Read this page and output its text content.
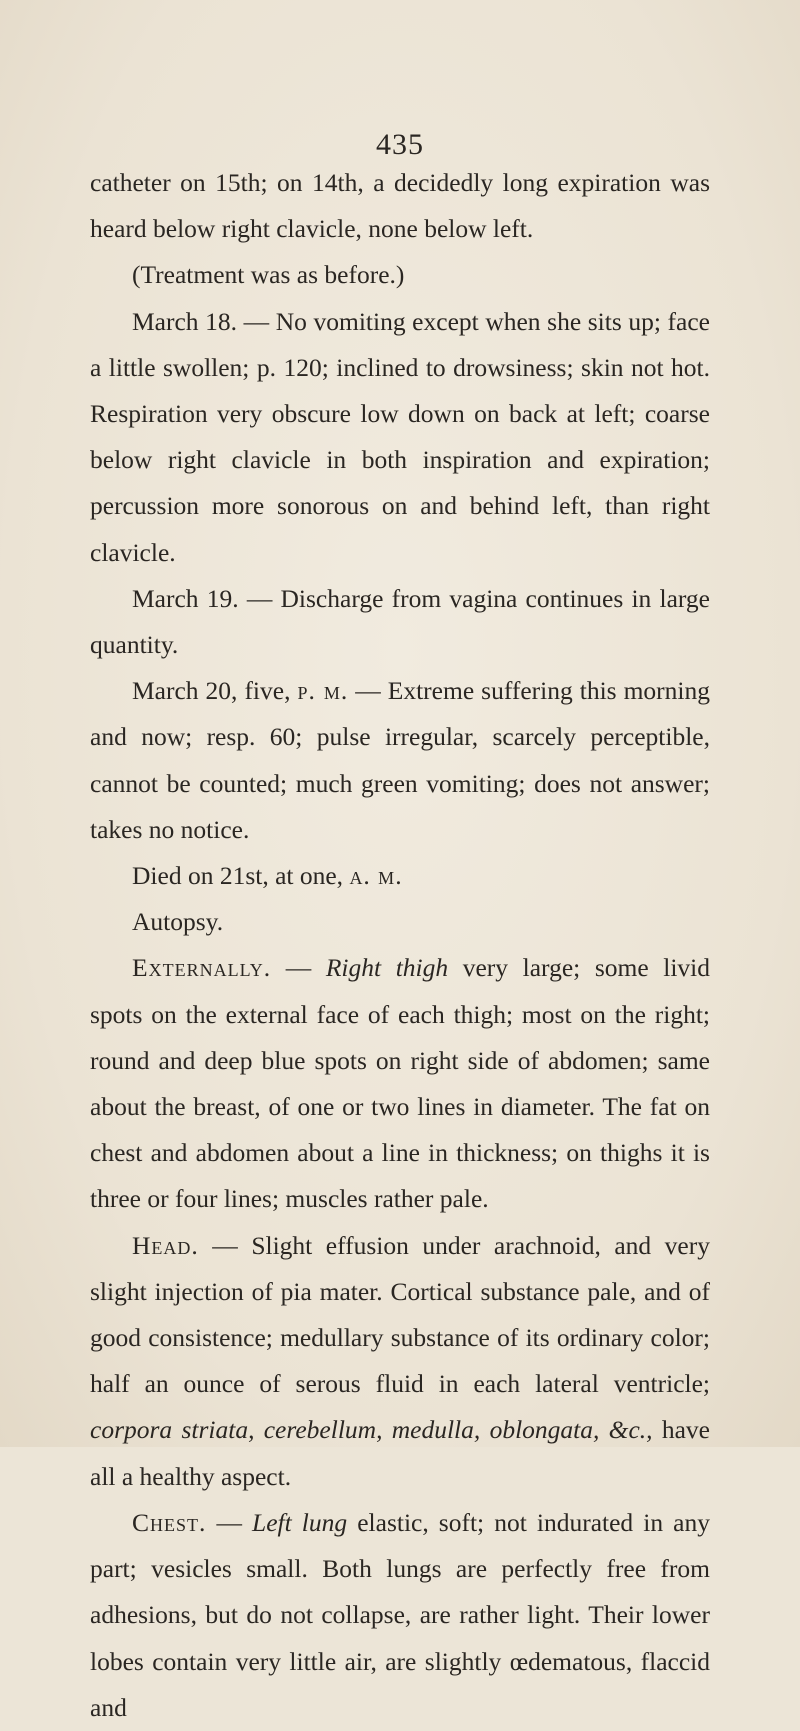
435

catheter on 15th; on 14th, a decidedly long expiration was heard below right clavicle, none below left.

(Treatment was as before.)

March 18. — No vomiting except when she sits up; face a little swollen; p. 120; inclined to drowsiness; skin not hot. Respiration very obscure low down on back at left; coarse below right clavicle in both inspiration and expiration; percussion more sonorous on and behind left, than right clavicle.

March 19. — Discharge from vagina continues in large quantity.

March 20, five, p. m. — Extreme suffering this morning and now; resp. 60; pulse irregular, scarcely perceptible, cannot be counted; much green vomiting; does not answer; takes no notice.

Died on 21st, at one, a. m.

Autopsy.

Externally. — Right thigh very large; some livid spots on the external face of each thigh; most on the right; round and deep blue spots on right side of abdomen; same about the breast, of one or two lines in diameter. The fat on chest and abdomen about a line in thickness; on thighs it is three or four lines; muscles rather pale.

Head. — Slight effusion under arachnoid, and very slight injection of pia mater. Cortical substance pale, and of good consistence; medullary substance of its ordinary color; half an ounce of serous fluid in each lateral ventricle; corpora striata, cerebellum, medulla, oblongata, &c., have all a healthy aspect.

Chest. — Left lung elastic, soft; not indurated in any part; vesicles small. Both lungs are perfectly free from adhesions, but do not collapse, are rather light. Their lower lobes contain very little air, are slightly œdematous, flaccid and
